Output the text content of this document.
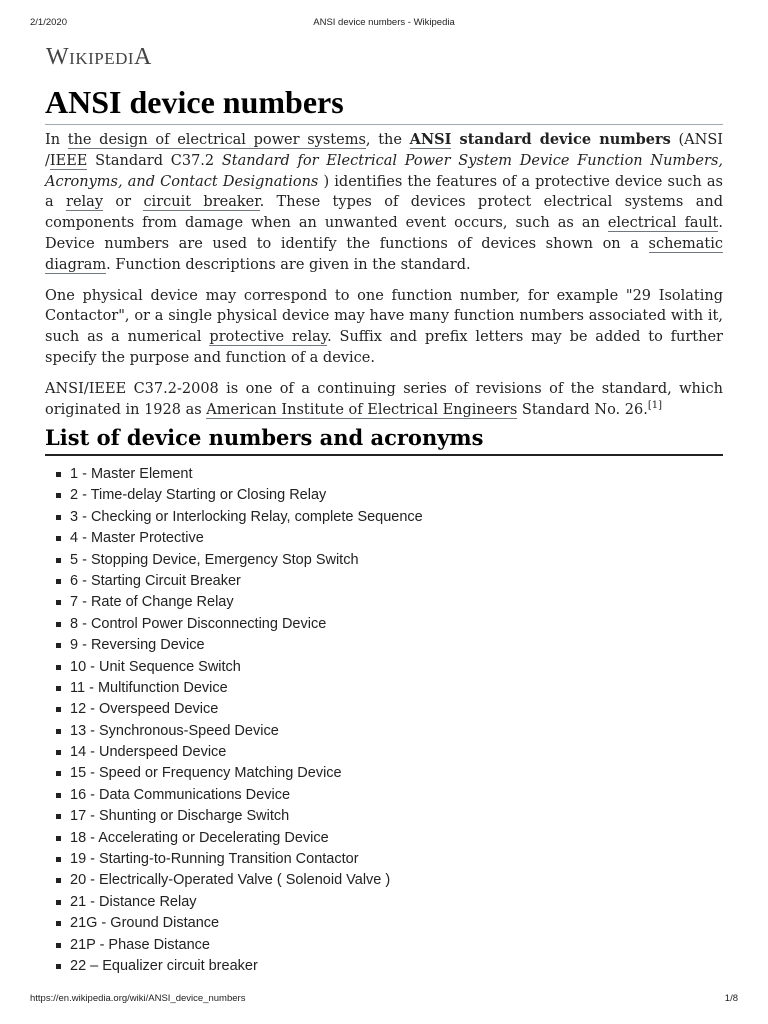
2/1/2020	ANSI device numbers - Wikipedia
WikipediA
ANSI device numbers

In the design of electrical power systems, the ANSI standard device numbers (ANSI /IEEE Standard C37.2 Standard for Electrical Power System Device Function Numbers, Acronyms, and Contact Designations ) identifies the features of a protective device such as a relay or circuit breaker. These types of devices protect electrical systems and components from damage when an unwanted event occurs, such as an electrical fault. Device numbers are used to identify the functions of devices shown on a schematic diagram. Function descriptions are given in the standard.

One physical device may correspond to one function number, for example "29 Isolating Contactor", or a single physical device may have many function numbers associated with it, such as a numerical protective relay. Suffix and prefix letters may be added to further specify the purpose and function of a device.

ANSI/IEEE C37.2-2008 is one of a continuing series of revisions of the standard, which originated in 1928 as American Institute of Electrical Engineers Standard No. 26.[1]

List of device numbers and acronyms
1 - Master Element
2 - Time-delay Starting or Closing Relay
3 - Checking or Interlocking Relay, complete Sequence
4 - Master Protective
5 - Stopping Device, Emergency Stop Switch
6 - Starting Circuit Breaker
7 - Rate of Change Relay
8 - Control Power Disconnecting Device
9 - Reversing Device
10 - Unit Sequence Switch
11 - Multifunction Device
12 - Overspeed Device
13 - Synchronous-Speed Device
14 - Underspeed Device
15 - Speed or Frequency Matching Device
16 - Data Communications Device
17 - Shunting or Discharge Switch
18 - Accelerating or Decelerating Device
19 - Starting-to-Running Transition Contactor
20 - Electrically-Operated Valve ( Solenoid Valve )
21 - Distance Relay
21G - Ground Distance
21P - Phase Distance
22 – Equalizer circuit breaker
https://en.wikipedia.org/wiki/ANSI_device_numbers	1/8
